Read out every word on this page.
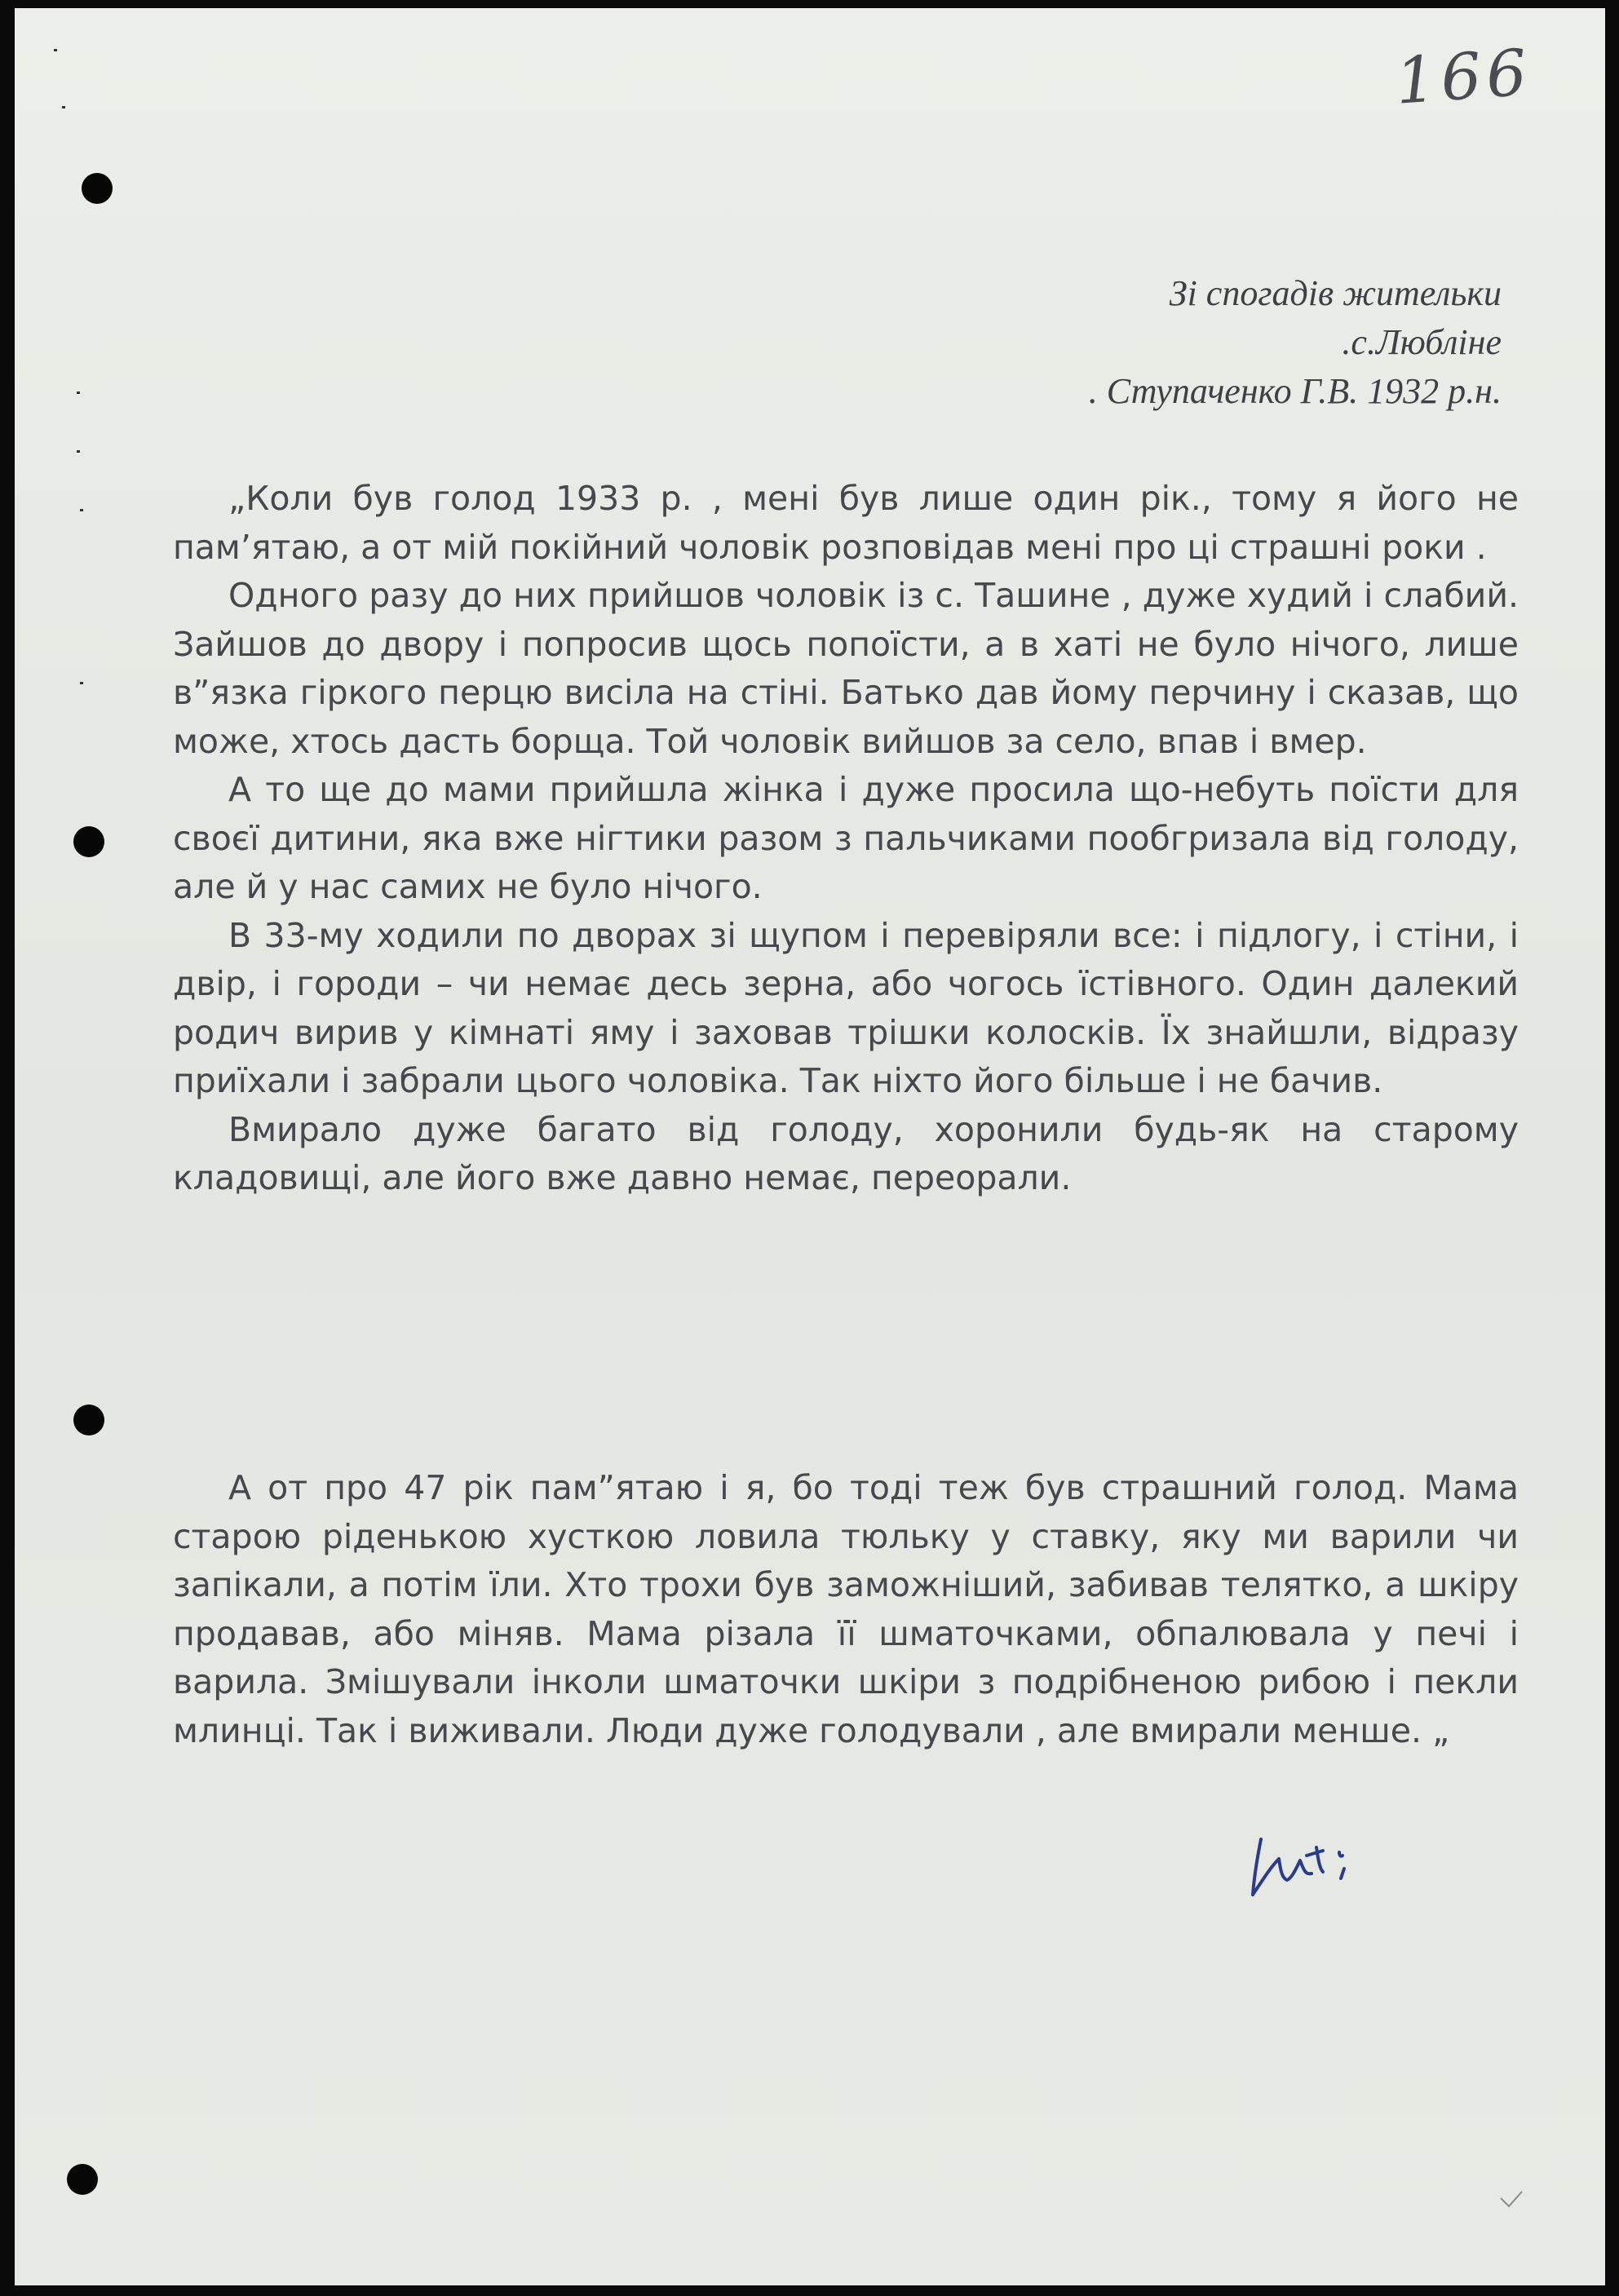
166
Зі спогадів жительки
.с.Любліне
. Ступаченко Г.В. 1932 р.н.

„Коли був голод 1933 р. , мені був лише один рік., тому я його не пам’ятаю, а от мій покійний чоловік розповідав мені про ці страшні роки .

Одного разу до них прийшов чоловік із с. Ташине , дуже худий і слабий. Зайшов до двору і попросив щось попоїсти, а в хаті не було нічого, лише в”язка гіркого перцю висіла на стіні. Батько дав йому перчину і сказав, що може, хтось дасть борща. Той чоловік вийшов за село, впав і вмер.

А то ще до мами прийшла жінка і дуже просила що-небуть поїсти для своєї дитини, яка вже нігтики разом з пальчиками пообгризала від голоду, але й у нас самих не було нічого.

В 33-му ходили по дворах зі щупом і перевіряли все: і підлогу, і стіни, і двір, і городи – чи немає десь зерна, або чогось їстівного. Один далекий родич вирив у кімнаті яму і заховав трішки колосків. Їх знайшли, відразу приїхали і забрали цього чоловіка. Так ніхто його більше і не бачив.

Вмирало дуже багато від голоду, хоронили будь-як на старому кладовищі, але його вже давно немає, переорали.

А от про 47 рік пам”ятаю і я, бо тоді теж був страшний голод. Мама старою ріденькою хусткою ловила тюльку у ставку, яку ми варили чи запікали, а потім їли. Хто трохи був заможніший, забивав телятко, а шкіру продавав, або міняв. Мама різала її шматочками, обпалювала у печі і варила. Змішували інколи шматочки шкіри з подрібненою рибою і пекли млинці. Так і виживали. Люди дуже голодували , але вмирали менше. „
